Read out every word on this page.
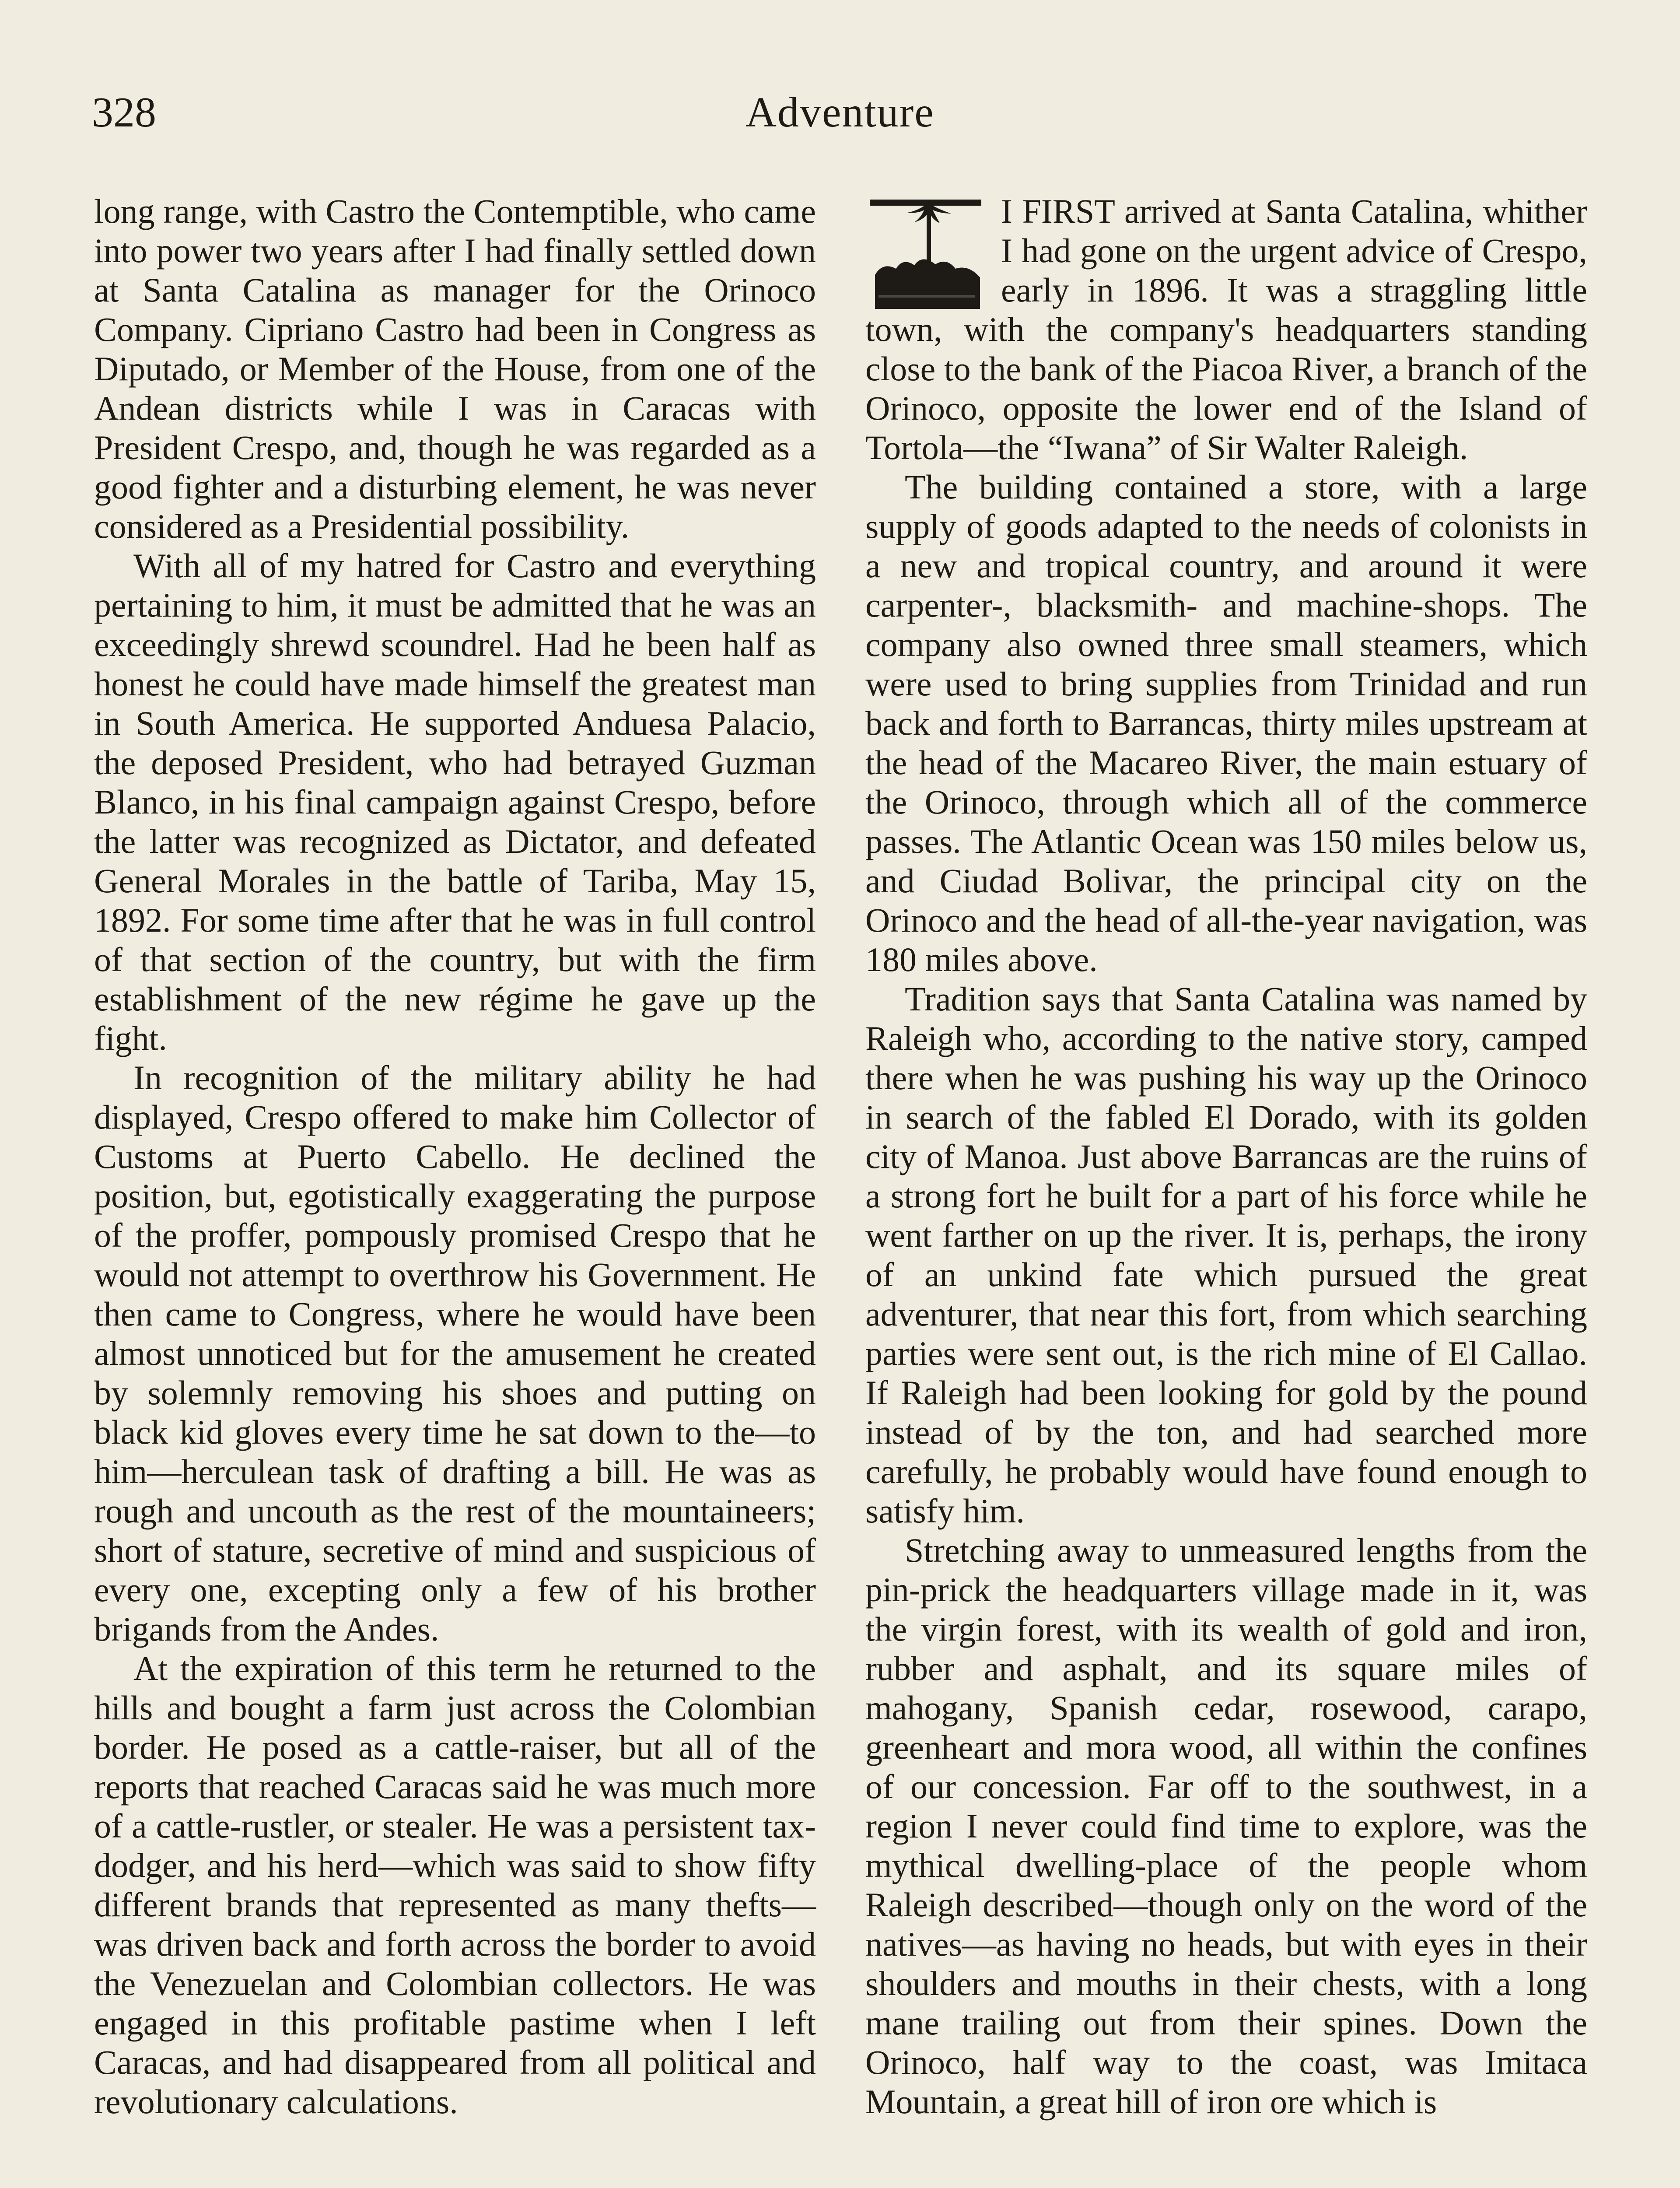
328	Adventure

long range, with Castro the Contemptible, who came into power two years after I had finally settled down at Santa Catalina as manager for the Orinoco Company. Cipriano Castro had been in Congress as Diputado, or Member of the House, from one of the Andean districts while I was in Caracas with President Crespo, and, though he was regarded as a good fighter and a disturbing element, he was never considered as a Presidential possibility.

With all of my hatred for Castro and everything pertaining to him, it must be admitted that he was an exceedingly shrewd scoundrel. Had he been half as honest he could have made himself the greatest man in South America. He supported Anduesa Palacio, the deposed President, who had betrayed Guzman Blanco, in his final campaign against Crespo, before the latter was recognized as Dictator, and defeated General Morales in the battle of Tariba, May 15, 1892. For some time after that he was in full control of that section of the country, but with the firm establishment of the new régime he gave up the fight.

In recognition of the military ability he had displayed, Crespo offered to make him Collector of Customs at Puerto Cabello. He declined the position, but, egotistically exaggerating the purpose of the proffer, pompously promised Crespo that he would not attempt to overthrow his Government. He then came to Congress, where he would have been almost unnoticed but for the amusement he created by solemnly removing his shoes and putting on black kid gloves every time he sat down to the—to him—herculean task of drafting a bill. He was as rough and uncouth as the rest of the mountaineers; short of stature, secretive of mind and suspicious of every one, excepting only a few of his brother brigands from the Andes.

At the expiration of this term he returned to the hills and bought a farm just across the Colombian border. He posed as a cattle-raiser, but all of the reports that reached Caracas said he was much more of a cattle-rustler, or stealer. He was a persistent tax-dodger, and his herd—which was said to show fifty different brands that represented as many thefts—was driven back and forth across the border to avoid the Venezuelan and Colombian collectors. He was engaged in this profitable pastime when I left Caracas, and had disappeared from all political and revolutionary calculations.

I FIRST arrived at Santa Catalina, whither I had gone on the urgent advice of Crespo, early in 1896. It was a straggling little town, with the company's headquarters standing close to the bank of the Piacoa River, a branch of the Orinoco, opposite the lower end of the Island of Tortola—the “Iwana” of Sir Walter Raleigh.

The building contained a store, with a large supply of goods adapted to the needs of colonists in a new and tropical country, and around it were carpenter-, blacksmith- and machine-shops. The company also owned three small steamers, which were used to bring supplies from Trinidad and run back and forth to Barrancas, thirty miles upstream at the head of the Macareo River, the main estuary of the Orinoco, through which all of the commerce passes. The Atlantic Ocean was 150 miles below us, and Ciudad Bolivar, the principal city on the Orinoco and the head of all-the-year navigation, was 180 miles above.

Tradition says that Santa Catalina was named by Raleigh who, according to the native story, camped there when he was pushing his way up the Orinoco in search of the fabled El Dorado, with its golden city of Manoa. Just above Barrancas are the ruins of a strong fort he built for a part of his force while he went farther on up the river. It is, perhaps, the irony of an unkind fate which pursued the great adventurer, that near this fort, from which searching parties were sent out, is the rich mine of El Callao. If Raleigh had been looking for gold by the pound instead of by the ton, and had searched more carefully, he probably would have found enough to satisfy him.

Stretching away to unmeasured lengths from the pin-prick the headquarters village made in it, was the virgin forest, with its wealth of gold and iron, rubber and asphalt, and its square miles of mahogany, Spanish cedar, rosewood, carapo, greenheart and mora wood, all within the confines of our concession. Far off to the southwest, in a region I never could find time to explore, was the mythical dwelling-place of the people whom Raleigh described—though only on the word of the natives—as having no heads, but with eyes in their shoulders and mouths in their chests, with a long mane trailing out from their spines. Down the Orinoco, half way to the coast, was Imitaca Mountain, a great hill of iron ore which is
